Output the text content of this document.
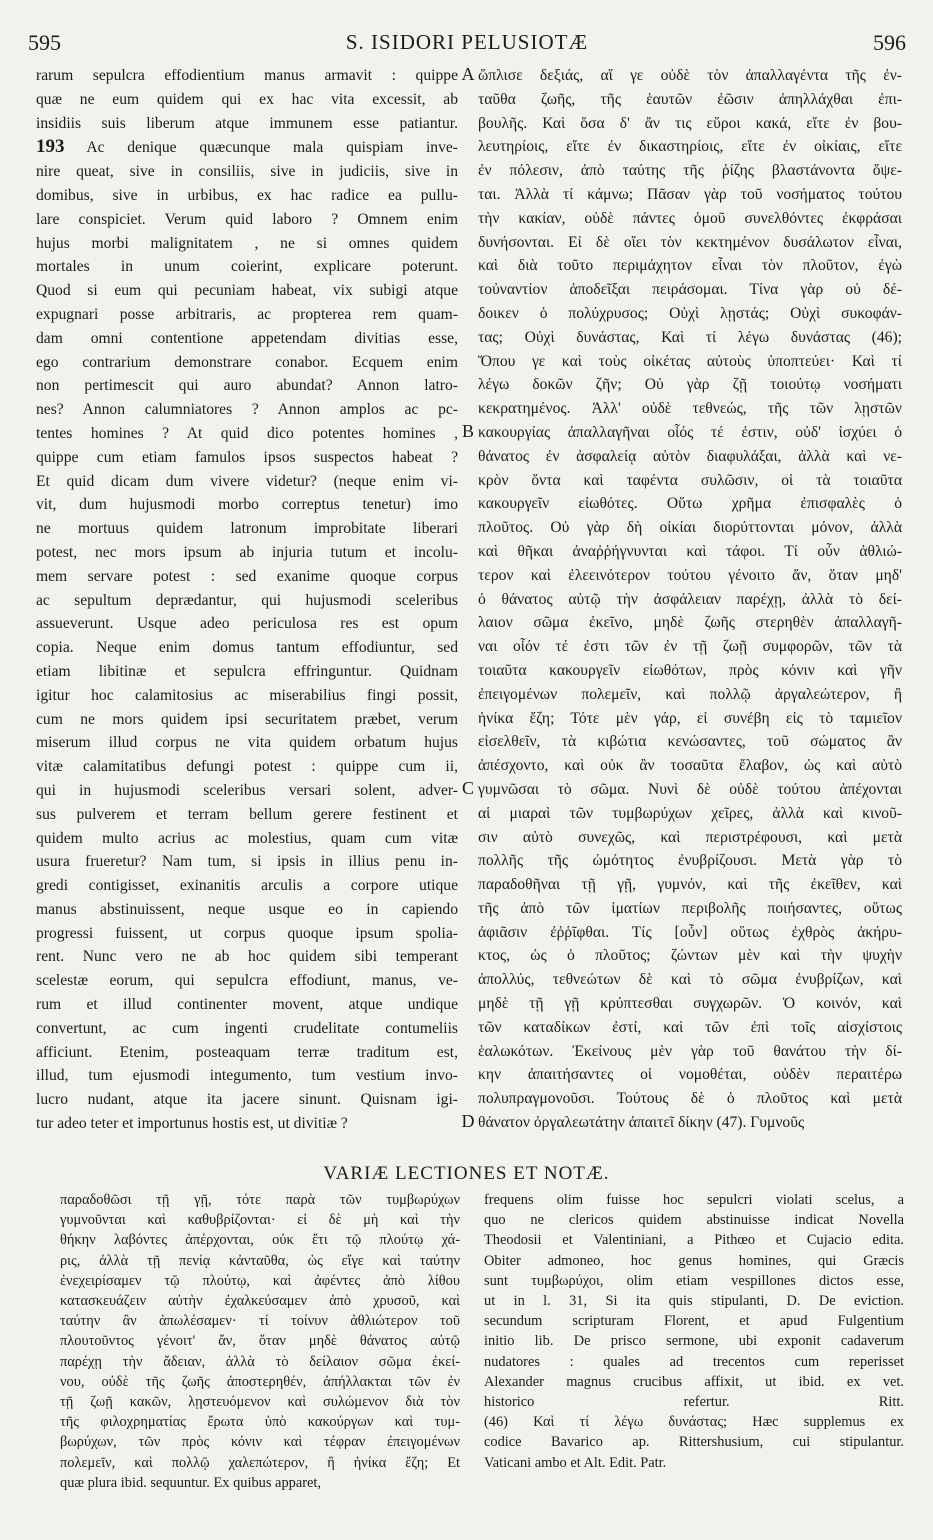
595	S. ISIDORI PELUSIOTÆ	596
rarum sepulcra effodientium manus armavit : quippe
quæ ne eum quidem qui ex hac vita excessit, ab
insidiis suis liberum atque immunem esse patiantur.
193 Ac denique quæcunque mala quispiam inve-
nire queat, sive in consiliis, sive in judiciis, sive in
domibus, sive in urbibus, ex hac radice ea pullu-
lare conspiciet. Verum quid laboro ? Omnem enim
hujus morbi malignitatem , ne si omnes quidem
mortales in unum coierint, explicare poterunt.
Quod si eum qui pecuniam habeat, vix subigi atque
expugnari posse arbitraris, ac propterea rem quam-
dam omni contentione appetendam divitias esse,
ego contrarium demonstrare conabor. Ecquem enim
non pertimescit qui auro abundat? Annon latro-
nes? Annon calumniatores ? Annon amplos ac pc-
tentes homines ? At quid dico potentes homines ,
quippe cum etiam famulos ipsos suspectos habeat ?
Et quid dicam dum vivere videtur? (neque enim vi-
vit, dum hujusmodi morbo correptus tenetur) imo
ne mortuus quidem latronum improbitate liberari
potest, nec mors ipsum ab injuria tutum et incolu-
mem servare potest : sed exanime quoque corpus
ac sepultum deprædantur, qui hujusmodi sceleribus
assueverunt. Usque adeo periculosa res est opum
copia. Neque enim domus tantum effodiuntur, sed
etiam libitinæ et sepulcra effringuntur. Quidnam
igitur hoc calamitosius ac miserabilius fingi possit,
cum ne mors quidem ipsi securitatem præbet, verum
miserum illud corpus ne vita quidem orbatum hujus
vitæ calamitatibus defungi potest : quippe cum ii,
qui in hujusmodi sceleribus versari solent, adver-
sus pulverem et terram bellum gerere festinent et
quidem multo acrius ac molestius, quam cum vitæ
usura frueretur? Nam tum, si ipsis in illius penu in-
gredi contigisset, exinanitis arculis a corpore utique
manus abstinuissent, neque usque eo in capiendo
progressi fuissent, ut corpus quoque ipsum spolia-
rent. Nunc vero ne ab hoc quidem sibi temperant
scelestæ eorum, qui sepulcra effodiunt, manus, ve-
rum et illud continenter movent, atque undique
convertunt, ac cum ingenti crudelitate contumeliis
afficiunt. Etenim, posteaquam terræ traditum est,
illud, tum ejusmodi integumento, tum vestium invo-
lucro nudant, atque ita jacere sinunt. Quisnam igi-
tur adeo teter et importunus hostis est, ut divitiæ ?
ὥπλισε δεξιάς, αἵ γε οὐδὲ τὸν ἀπαλλαγέντα τῆς ἐν-
ταῦθα ζωῆς, τῆς ἑαυτῶν ἐῶσιν ἀπηλλάχθαι ἐπι-
βουλῆς. Καὶ ὅσα δ' ἄν τις εὕροι κακά, εἴτε ἐν βου-
λευτηρίοις, εἴτε ἐν δικαστηρίοις, εἴτε ἐν οἰκίαις, εἴτε
ἐν πόλεσιν, ἀπὸ ταύτης τῆς ῥίζης βλαστάνοντα ὄψε-
ται. Ἀλλὰ τί κάμνω; Πᾶσαν γὰρ τοῦ νοσήματος τούτου
τὴν κακίαν, οὐδὲ πάντες ὁμοῦ συνελθόντες ἐκφράσαι
δυνήσονται. Εἰ δὲ οἴει τὸν κεκτημένον δυσάλωτον εἶναι,
καὶ διὰ τοῦτο περιμάχητον εἶναι τὸν πλοῦτον, ἐγὼ
τοὐναντίον ἀποδεῖξαι πειράσομαι. Τίνα γὰρ οὐ δέ-
δοικεν ὁ πολύχρυσος; Οὐχὶ λῃστάς; Οὐχὶ συκοφάν-
τας; Οὐχὶ δυνάστας, Καὶ τί λέγω δυνάστας (46);
Ὅπου γε καὶ τοὺς οἰκέτας αὐτοὺς ὑποπτεύει· Καὶ τί
λέγω δοκῶν ζῆν; Οὐ γὰρ ζῇ τοιούτῳ νοσήματι
κεκρατημένος. Ἀλλ' οὐδὲ τεθνεώς, τῆς τῶν λῃστῶν
κακουργίας ἀπαλλαγῆναι οἷός τέ ἐστιν, οὐδ' ἰσχύει ὁ
θάνατος ἐν ἀσφαλείᾳ αὐτὸν διαφυλάξαι, ἀλλὰ καὶ νε-
κρὸν ὄντα καὶ ταφέντα συλῶσιν, οἱ τὰ τοιαῦτα
κακουργεῖν εἰωθότες. Οὕτω χρῆμα ἐπισφαλὲς ὁ
πλοῦτος. Οὐ γὰρ δὴ οἰκίαι διορύττονται μόνον, ἀλλὰ
καὶ θῆκαι ἀναῤῥήγνυνται καὶ τάφοι. Τί οὖν ἀθλιώ-
τερον καὶ ἐλεεινότερον τούτου γένοιτο ἄν, ὅταν μηδ'
ὁ θάνατος αὐτῷ τὴν ἀσφάλειαν παρέχῃ, ἀλλὰ τὸ δεί-
λαιον σῶμα ἐκεῖνο, μηδὲ ζωῆς στερηθὲν ἀπαλλαγῆ-
ναι οἷόν τέ ἐστι τῶν ἐν τῇ ζωῇ συμφορῶν, τῶν τὰ
τοιαῦτα κακουργεῖν εἰωθότων, πρὸς κόνιν καὶ γῆν
ἐπειγομένων πολεμεῖν, καὶ πολλῷ ἀργαλεώτερον, ἢ
ἡνίκα ἔζη; Τότε μὲν γάρ, εἰ συνέβη εἰς τὸ ταμιεῖον
εἰσελθεῖν, τὰ κιβώτια κενώσαντες, τοῦ σώματος ἂν
ἀπέσχοντο, καὶ οὐκ ἂν τοσαῦτα ἔλαβον, ὡς καὶ αὐτὸ
γυμνῶσαι τὸ σῶμα. Νυνὶ δὲ οὐδὲ τούτου ἀπέχονται
αἱ μιαραὶ τῶν τυμβωρύχων χεῖρες, ἀλλὰ καὶ κινοῦ-
σιν αὐτὸ συνεχῶς, καὶ περιστρέφουσι, καὶ μετὰ
πολλῆς τῆς ὠμότητος ἐνυβρίζουσι. Μετὰ γὰρ τὸ
παραδοθῆναι τῇ γῇ, γυμνόν, καὶ τῆς ἐκεῖθεν, καὶ
τῆς ἀπὸ τῶν ἱματίων περιβολῆς ποιήσαντες, οὕτως
ἀφιᾶσιν ἐῤῥῖφθαι. Τίς [οὖν] οὕτως ἐχθρὸς ἀκήρυ-
κτος, ὡς ὁ πλοῦτος; ζώντων μὲν καὶ τὴν ψυχὴν
ἀπολλύς, τεθνεώτων δὲ καὶ τὸ σῶμα ἐνυβρίζων, καὶ
μηδὲ τῇ γῇ κρύπτεσθαι συγχωρῶν. Ὁ κοινόν, καὶ
τῶν καταδίκων ἐστί, καὶ τῶν ἐπὶ τοῖς αἰσχίστοις
ἑαλωκότων. Ἐκείνους μὲν γὰρ τοῦ θανάτου τὴν δί-
κην ἀπαιτήσαντες οἱ νομοθέται, οὐδὲν περαιτέρω
πολυπραγμονοῦσι. Τούτους δὲ ὁ πλοῦτος καὶ μετὰ
θάνατον ὀργαλεωτάτην ἀπαιτεῖ δίκην (47). Γυμνοῦς
A
B
C
D
VARIÆ LECTIONES ET NOTÆ.
παραδοθῶσι τῇ γῇ, τότε παρὰ τῶν τυμβωρύχων
γυμνοῦνται καὶ καθυβρίζονται· εἰ δὲ μὴ καὶ τὴν
θήκην λαβόντες ἀπέρχονται, οὐκ ἔτι τῷ πλούτῳ χά-
ρις, ἀλλὰ τῇ πενίᾳ κἀνταῦθα, ὡς εἴγε καὶ ταύτην
ἐνεχειρίσαμεν τῷ πλούτῳ, καὶ ἀφέντες ἀπὸ λίθου
κατασκευάζειν αὐτὴν ἐχαλκεύσαμεν ἀπὸ χρυσοῦ, καὶ
ταύτην ἂν ἀπωλέσαμεν· τί τοίνυν ἀθλιώτερον τοῦ
πλουτοῦντος γένοιτ' ἄν, ὅταν μηδὲ θάνατος αὐτῷ
παρέχῃ τὴν ἄδειαν, ἀλλὰ τὸ δείλαιον σῶμα ἐκεί-
νου, οὐδὲ τῆς ζωῆς ἀποστερηθέν, ἀπήλλακται τῶν ἐν
τῇ ζωῇ κακῶν, λῃστευόμενον καὶ συλώμενον διὰ τὸν
τῆς φιλοχρηματίας ἔρωτα ὑπὸ κακούργων καὶ τυμ-
βωρύχων, τῶν πρὸς κόνιν καὶ τέφραν ἐπειγομένων
πολεμεῖν, καὶ πολλῷ χαλεπώτερον, ἢ ἡνίκα ἔζη; Et
quæ plura ibid. sequuntur. Ex quibus apparet,
frequens olim fuisse hoc sepulcri violati scelus, a
quo ne clericos quidem abstinuisse indicat Novella
Theodosii et Valentiniani, a Pithœo et Cujacio edita.
Obiter admoneo, hoc genus homines, qui Græcis
sunt τυμβωρύχοι, olim etiam vespillones dictos esse,
ut in l. 31, Si ita quis stipulanti, D. De eviction.
secundum scripturam Florent, et apud Fulgentium
initio lib. De prisco sermone, ubi exponit cadaverum
nudatores : quales ad trecentos cum reperisset
Alexander magnus crucibus affixit, ut ibid. ex vet.
historico refertur. Ritt.
(46) Καὶ τί λέγω δυνάστας; Hæc supplemus ex
codice Bavarico ap. Rittershusium, cui stipulantur.
Vaticani ambo et Alt. Edit. Patr.
